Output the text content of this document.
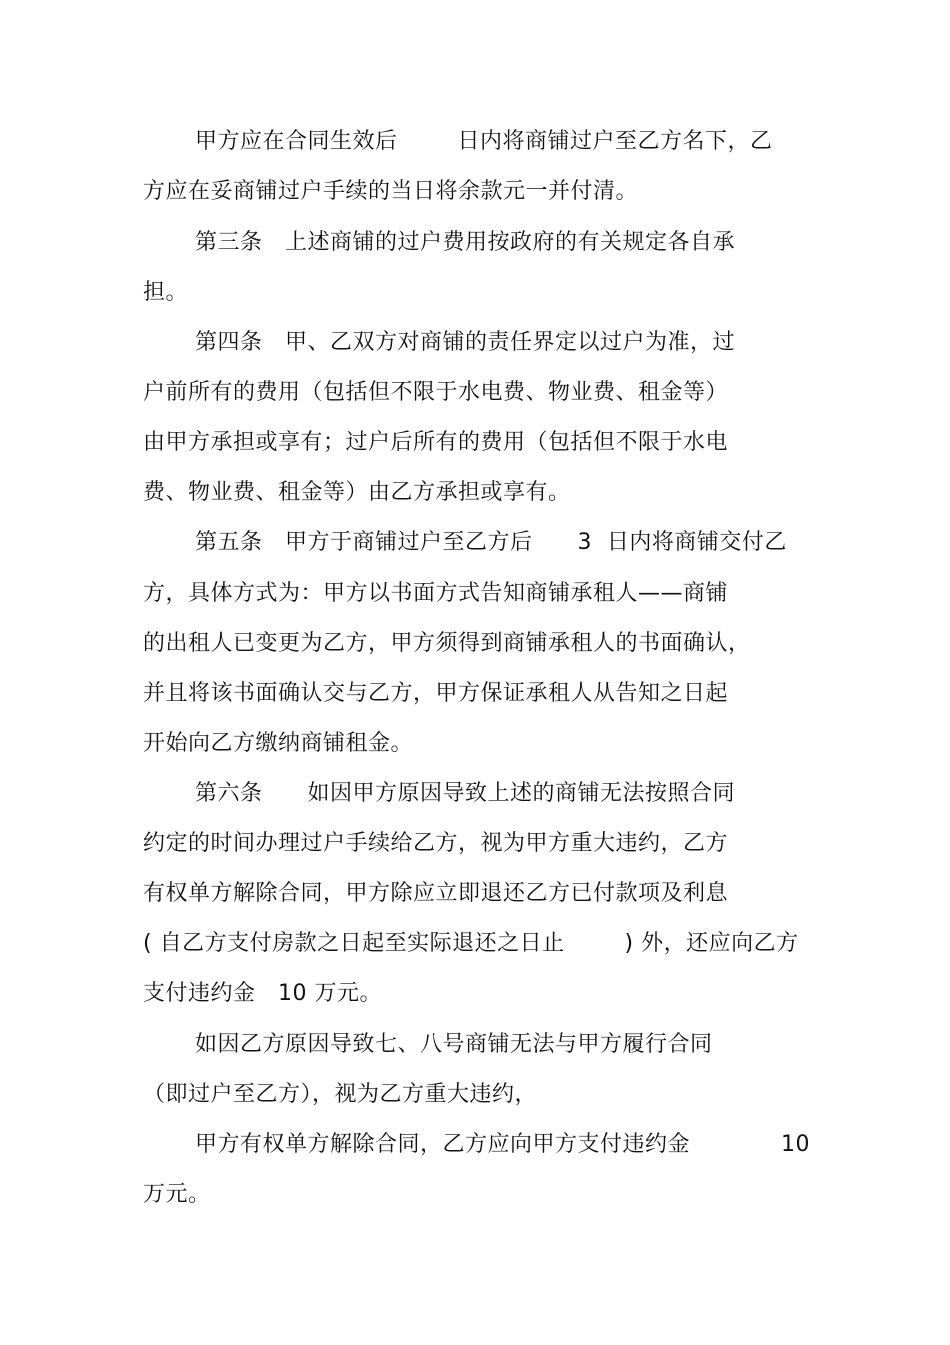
甲方应在合同生效后        日内将商铺过户至乙方名下，乙
方应在妥商铺过户手续的当日将余款元一并付清。
第三条   上述商铺的过户费用按政府的有关规定各自承
担。
第四条   甲、乙双方对商铺的责任界定以过户为准，过
户前所有的费用（包括但不限于水电费、物业费、租金等）
由甲方承担或享有；过户后所有的费用（包括但不限于水电
费、物业费、租金等）由乙方承担或享有。
第五条   甲方于商铺过户至乙方后      3  日内将商铺交付乙
方，具体方式为：甲方以书面方式告知商铺承租人——商铺
的出租人已变更为乙方，甲方须得到商铺承租人的书面确认，
并且将该书面确认交与乙方，甲方保证承租人从告知之日起
开始向乙方缴纳商铺租金。
第六条      如因甲方原因导致上述的商铺无法按照合同
约定的时间办理过户手续给乙方，视为甲方重大违约，乙方
有权单方解除合同，甲方除应立即退还乙方已付款项及利息
( 自乙方支付房款之日起至实际退还之日止        ) 外，还应向乙方
支付违约金   10 万元。
如因乙方原因导致七、八号商铺无法与甲方履行合同
（即过户至乙方），视为乙方重大违约，
甲方有权单方解除合同，乙方应向甲方支付违约金	10
万元。
